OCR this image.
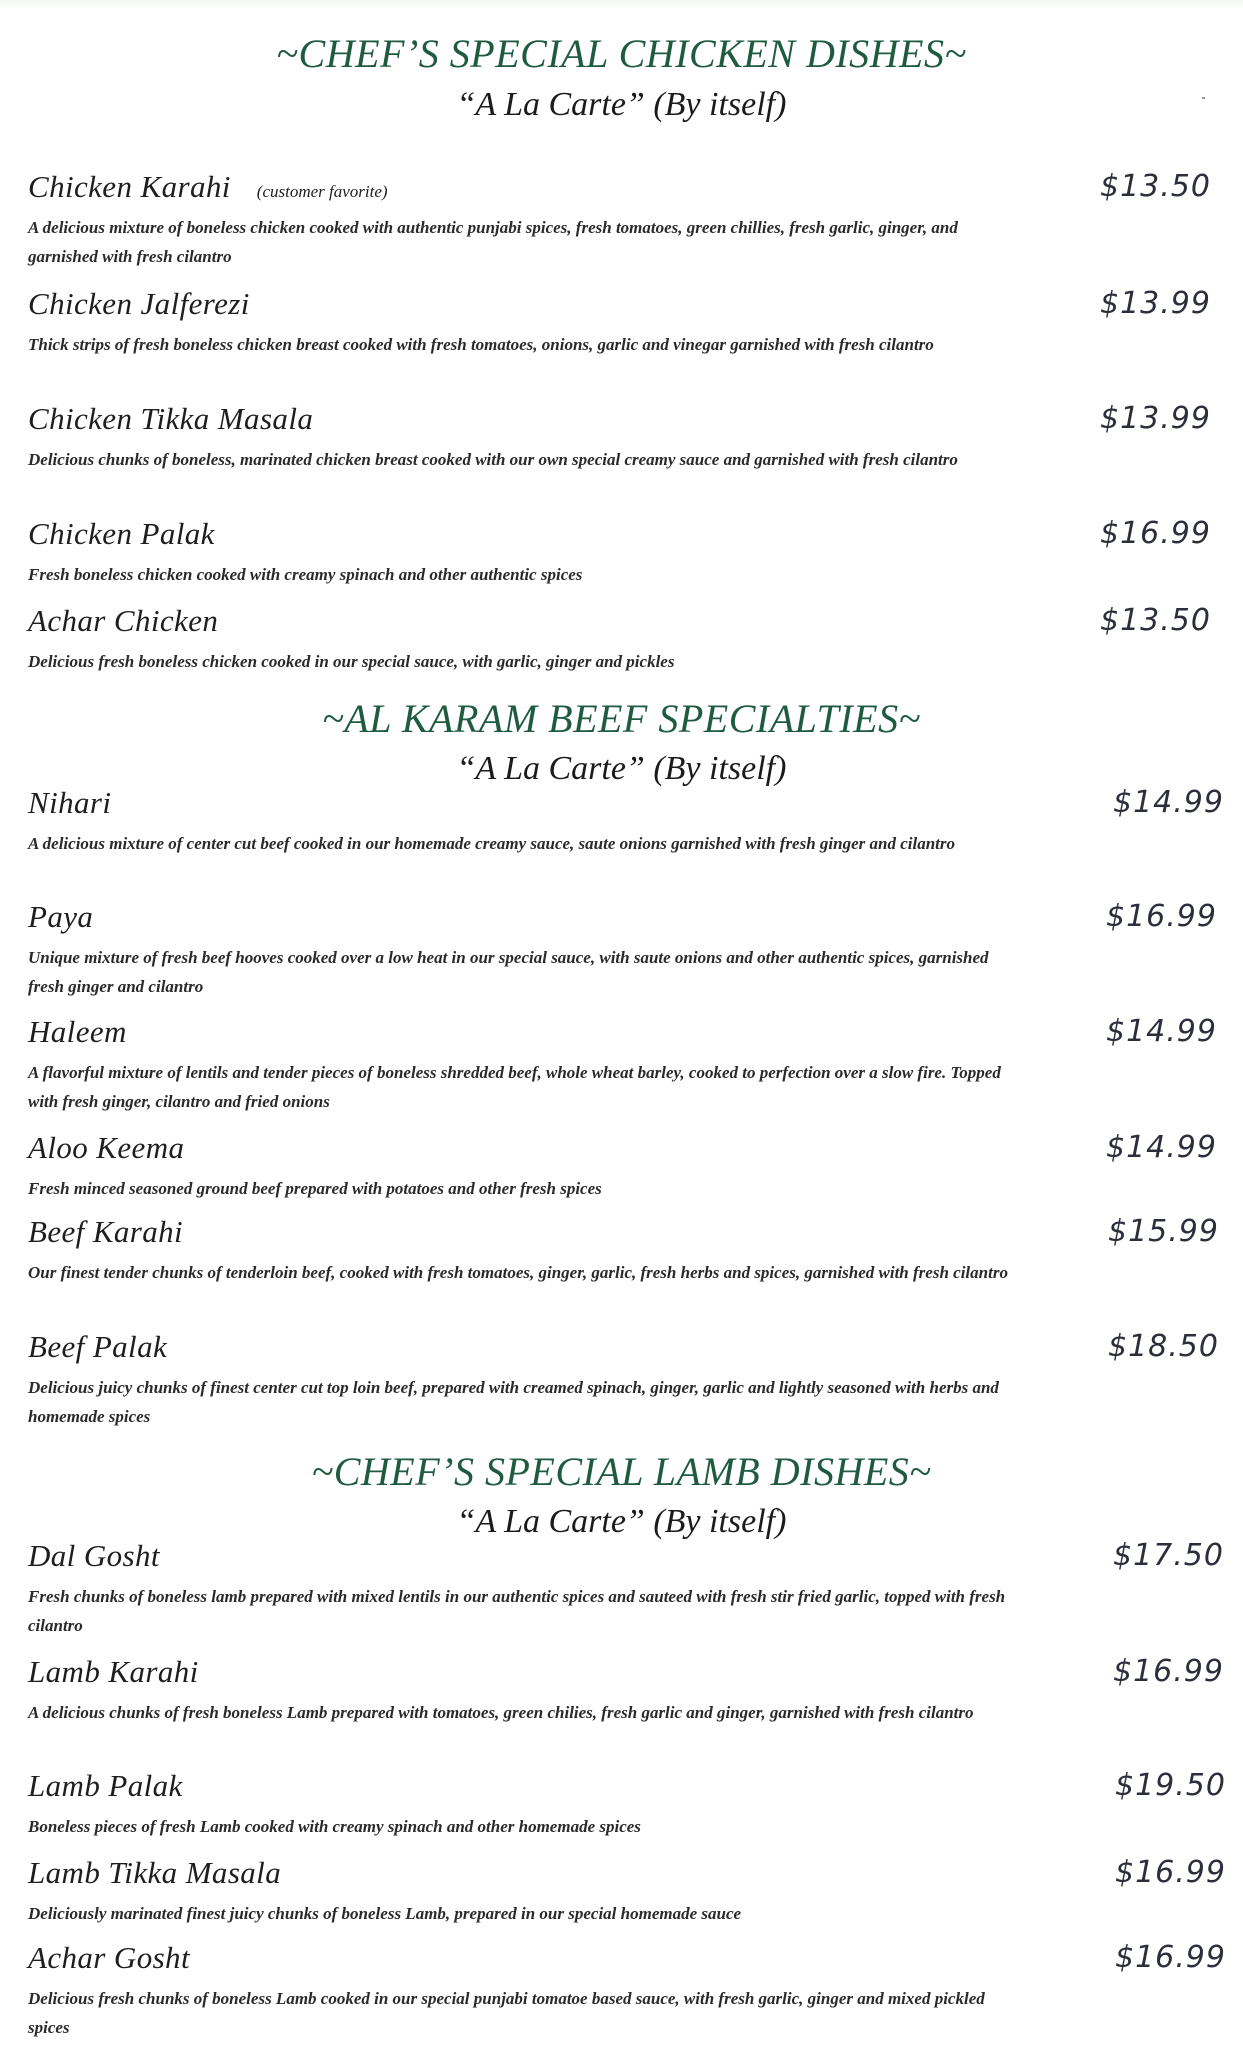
~CHEF’S SPECIAL CHICKEN DISHES~
“A La Carte” (By itself)
Chicken Karahi (customer favorite)
A delicious mixture of boneless chicken cooked with authentic punjabi spices, fresh tomatoes, green chillies, fresh garlic, ginger, and garnished with fresh cilantro
$13.50
Chicken Jalferezi
Thick strips of fresh boneless chicken breast cooked with fresh tomatoes, onions, garlic and vinegar garnished with fresh cilantro
$13.99
Chicken Tikka Masala
Delicious chunks of boneless, marinated chicken breast cooked with our own special creamy sauce and garnished with fresh cilantro
$13.99
Chicken Palak
Fresh boneless chicken cooked with creamy spinach and other authentic spices
$16.99
Achar Chicken
Delicious fresh boneless chicken cooked in our special sauce, with garlic, ginger and pickles
$13.50
~AL KARAM BEEF SPECIALTIES~
“A La Carte” (By itself)
Nihari
A delicious mixture of center cut beef cooked in our homemade creamy sauce, saute onions garnished with fresh ginger and cilantro
$14.99
Paya
Unique mixture of fresh beef hooves cooked over a low heat in our special sauce, with saute onions and other authentic spices, garnished fresh ginger and cilantro
$16.99
Haleem
A flavorful mixture of lentils and tender pieces of boneless shredded beef, whole wheat barley, cooked to perfection over a slow fire. Topped with fresh ginger, cilantro and fried onions
$14.99
Aloo Keema
Fresh minced seasoned ground beef prepared with potatoes and other fresh spices
$14.99
Beef Karahi
Our finest tender chunks of tenderloin beef, cooked with fresh tomatoes, ginger, garlic, fresh herbs and spices, garnished with fresh cilantro
$15.99
Beef Palak
Delicious juicy chunks of finest center cut top loin beef, prepared with creamed spinach, ginger, garlic and lightly seasoned with herbs and homemade spices
$18.50
~CHEF’S SPECIAL LAMB DISHES~
“A La Carte” (By itself)
Dal Gosht
Fresh chunks of boneless lamb prepared with mixed lentils in our authentic spices and sauteed with fresh stir fried garlic, topped with fresh cilantro
$17.50
Lamb Karahi
A delicious chunks of fresh boneless Lamb prepared with tomatoes, green chilies, fresh garlic and ginger, garnished with fresh cilantro
$16.99
Lamb Palak
Boneless pieces of fresh Lamb cooked with creamy spinach and other homemade spices
$19.50
Lamb Tikka Masala
Deliciously marinated finest juicy chunks of boneless Lamb, prepared in our special homemade sauce
$16.99
Achar Gosht
Delicious fresh chunks of boneless Lamb cooked in our special punjabi tomatoe based sauce, with fresh garlic, ginger and mixed pickled spices
$16.99
